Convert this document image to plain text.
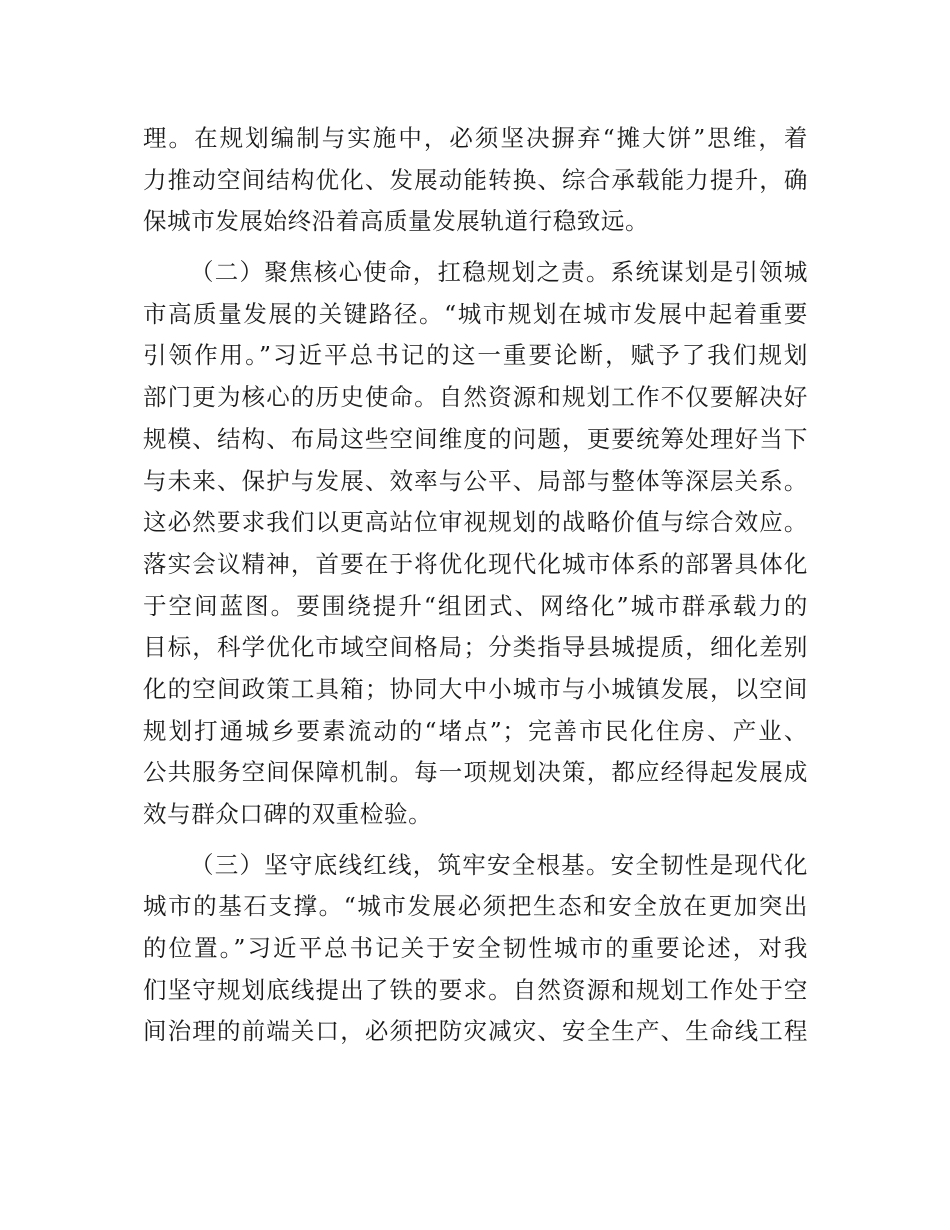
理。在规划编制与实施中，必须坚决摒弃“摊大饼”思维，着
力推动空间结构优化、发展动能转换、综合承载能力提升，确
保城市发展始终沿着高质量发展轨道行稳致远。
（二）聚焦核心使命，扛稳规划之责。系统谋划是引领城
市高质量发展的关键路径。“城市规划在城市发展中起着重要
引领作用。”习近平总书记的这一重要论断，赋予了我们规划
部门更为核心的历史使命。自然资源和规划工作不仅要解决好
规模、结构、布局这些空间维度的问题，更要统筹处理好当下
与未来、保护与发展、效率与公平、局部与整体等深层关系。
这必然要求我们以更高站位审视规划的战略价值与综合效应。
落实会议精神，首要在于将优化现代化城市体系的部署具体化
于空间蓝图。要围绕提升“组团式、网络化”城市群承载力的
目标，科学优化市域空间格局；分类指导县城提质，细化差别
化的空间政策工具箱；协同大中小城市与小城镇发展，以空间
规划打通城乡要素流动的“堵点”；完善市民化住房、产业、
公共服务空间保障机制。每一项规划决策，都应经得起发展成
效与群众口碑的双重检验。
（三）坚守底线红线，筑牢安全根基。安全韧性是现代化
城市的基石支撑。“城市发展必须把生态和安全放在更加突出
的位置。”习近平总书记关于安全韧性城市的重要论述，对我
们坚守规划底线提出了铁的要求。自然资源和规划工作处于空
间治理的前端关口，必须把防灾减灾、安全生产、生命线工程
